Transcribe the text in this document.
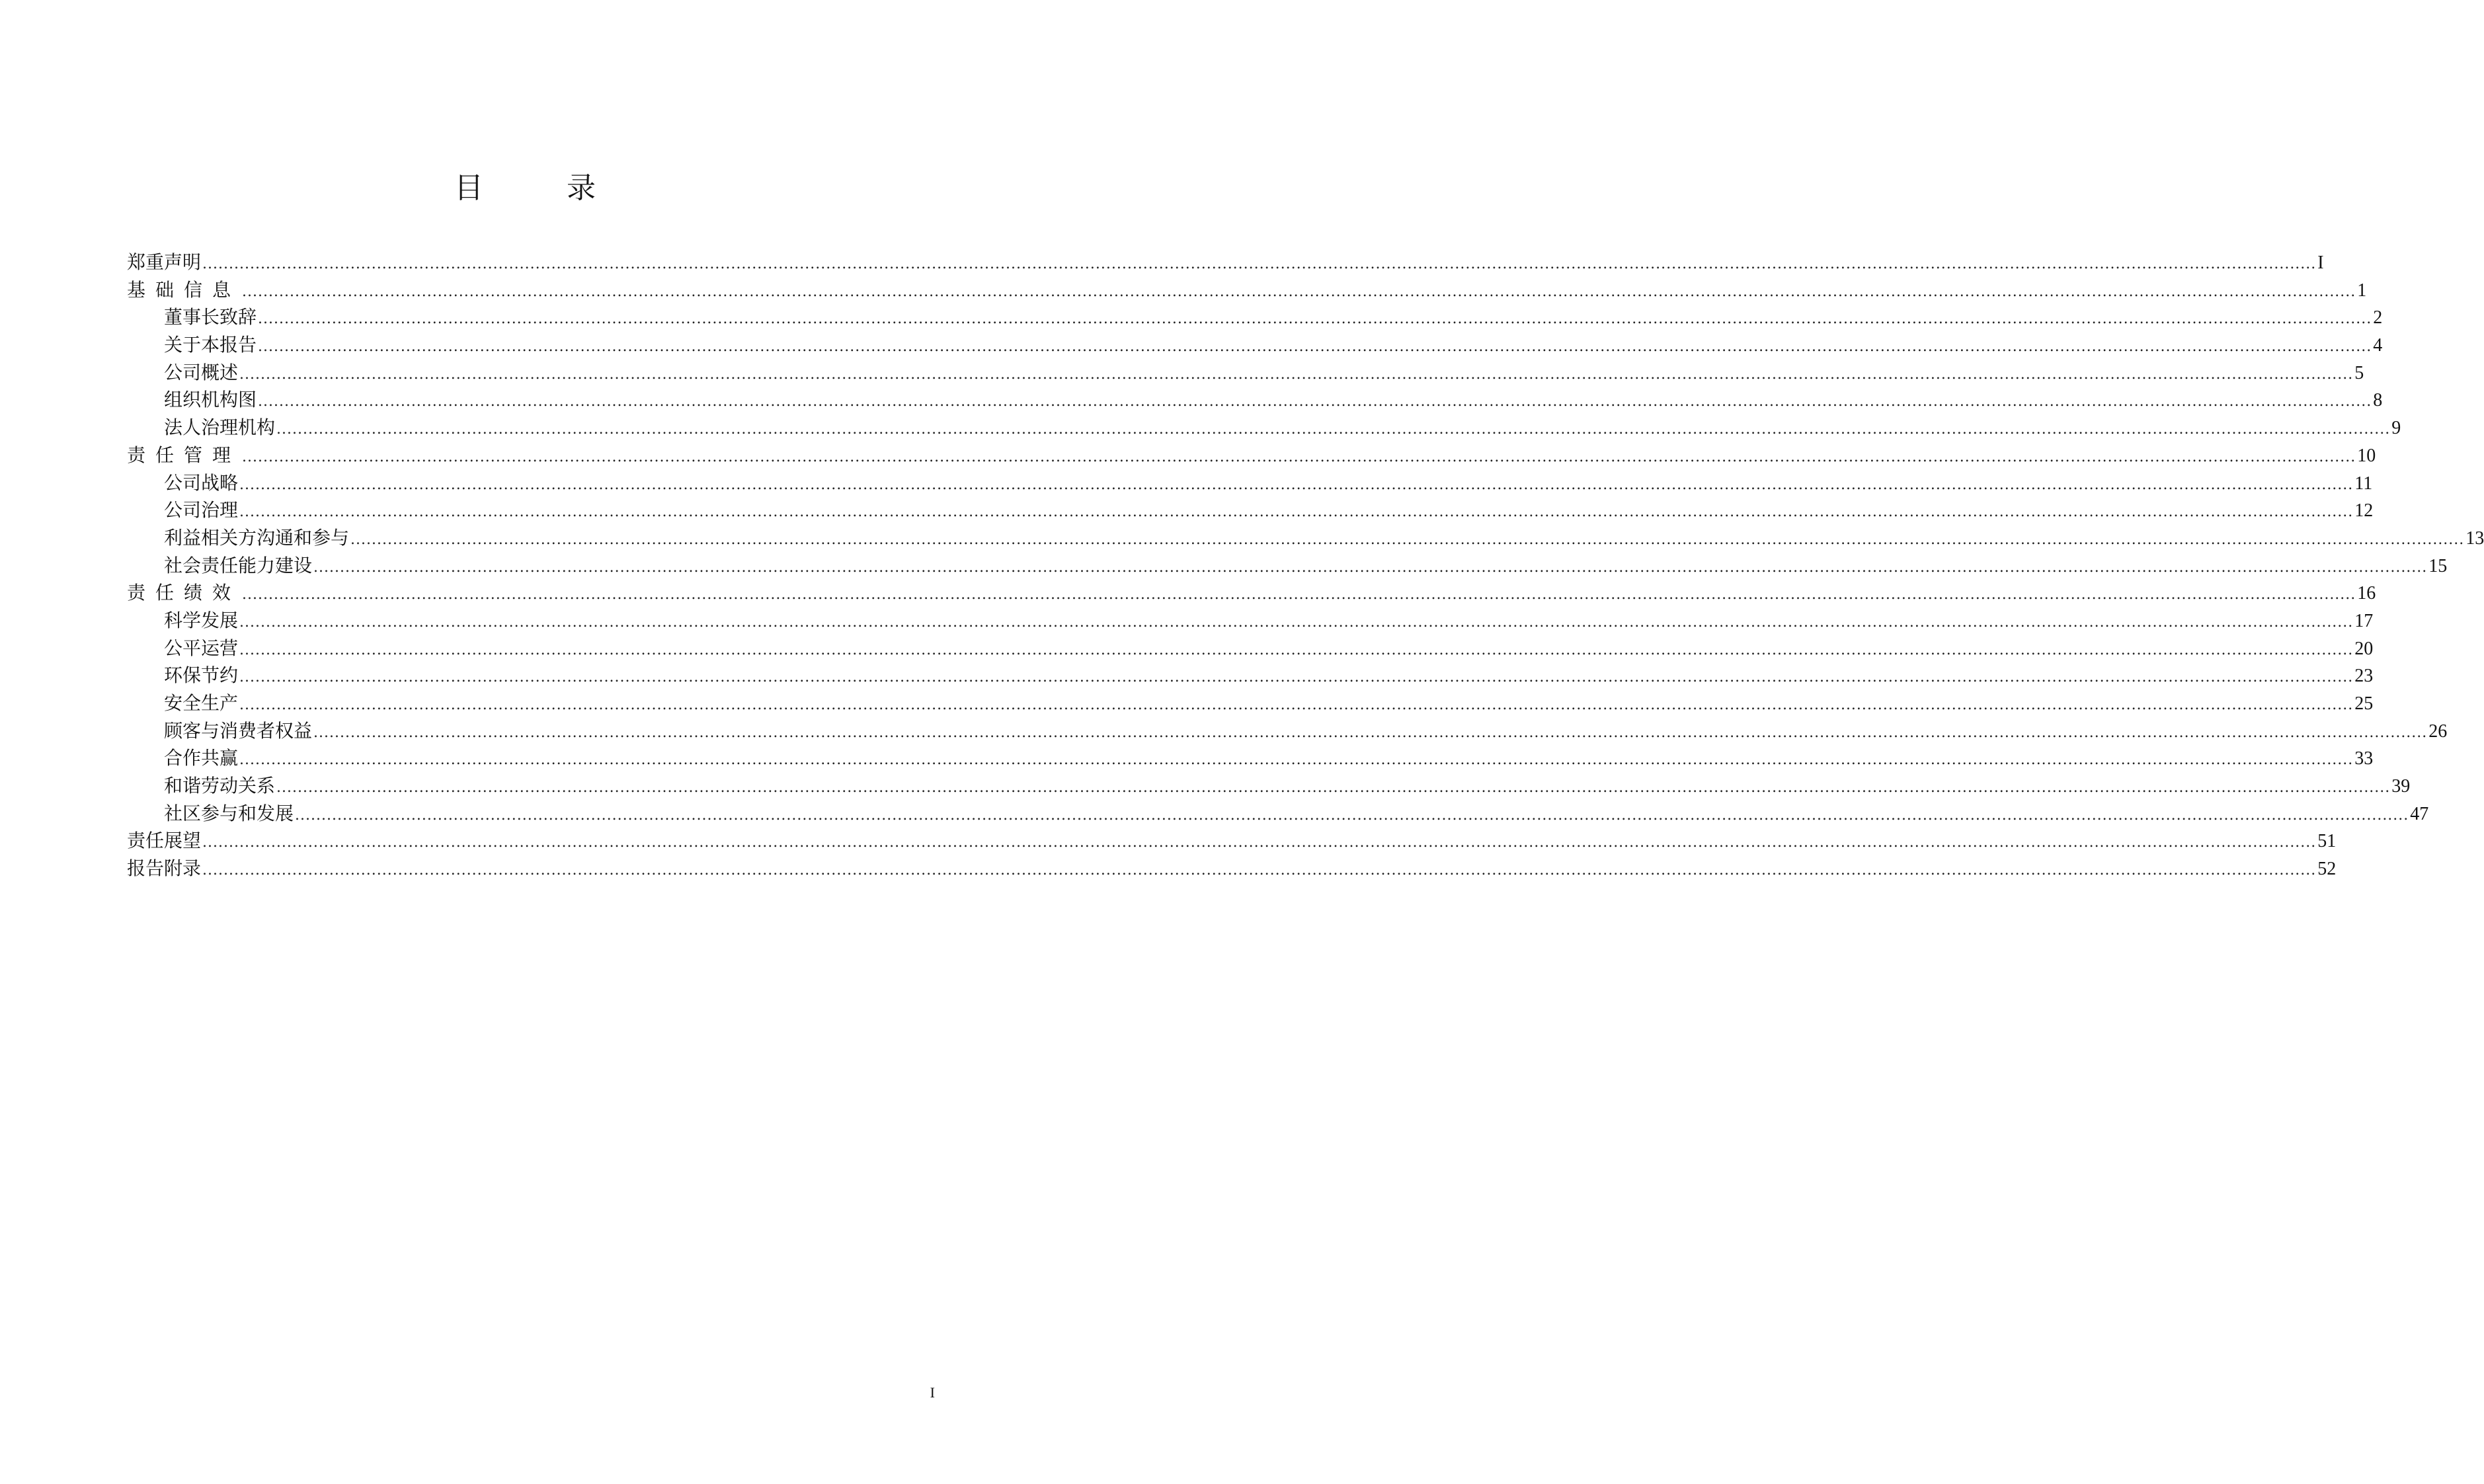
目录
郑重声明 ................................................................................................................................................................................................................................................................................................................................................................................................................ I
基础信息 ................................................................................................................................................................................................................................................................................................................................................................................................................ 1
董事长致辞 ................................................................................................................................................................................................................................................................................................................................................................................................................ 2
关于本报告 ................................................................................................................................................................................................................................................................................................................................................................................................................ 4
公司概述 ................................................................................................................................................................................................................................................................................................................................................................................................................ 5
组织机构图 ................................................................................................................................................................................................................................................................................................................................................................................................................ 8
法人治理机构 ................................................................................................................................................................................................................................................................................................................................................................................................................ 9
责任管理 ................................................................................................................................................................................................................................................................................................................................................................................................................ 10
公司战略 ................................................................................................................................................................................................................................................................................................................................................................................................................ 11
公司治理 ................................................................................................................................................................................................................................................................................................................................................................................................................ 12
利益相关方沟通和参与 ................................................................................................................................................................................................................................................................................................................................................................................................................ 13
社会责任能力建设 ................................................................................................................................................................................................................................................................................................................................................................................................................ 15
责任绩效 ................................................................................................................................................................................................................................................................................................................................................................................................................ 16
科学发展 ................................................................................................................................................................................................................................................................................................................................................................................................................ 17
公平运营 ................................................................................................................................................................................................................................................................................................................................................................................................................ 20
环保节约 ................................................................................................................................................................................................................................................................................................................................................................................................................ 23
安全生产 ................................................................................................................................................................................................................................................................................................................................................................................................................ 25
顾客与消费者权益 ................................................................................................................................................................................................................................................................................................................................................................................................................ 26
合作共赢 ................................................................................................................................................................................................................................................................................................................................................................................................................ 33
和谐劳动关系 ................................................................................................................................................................................................................................................................................................................................................................................................................ 39
社区参与和发展 ................................................................................................................................................................................................................................................................................................................................................................................................................ 47
责任展望 ................................................................................................................................................................................................................................................................................................................................................................................................................ 51
报告附录 ................................................................................................................................................................................................................................................................................................................................................................................................................ 52
I
